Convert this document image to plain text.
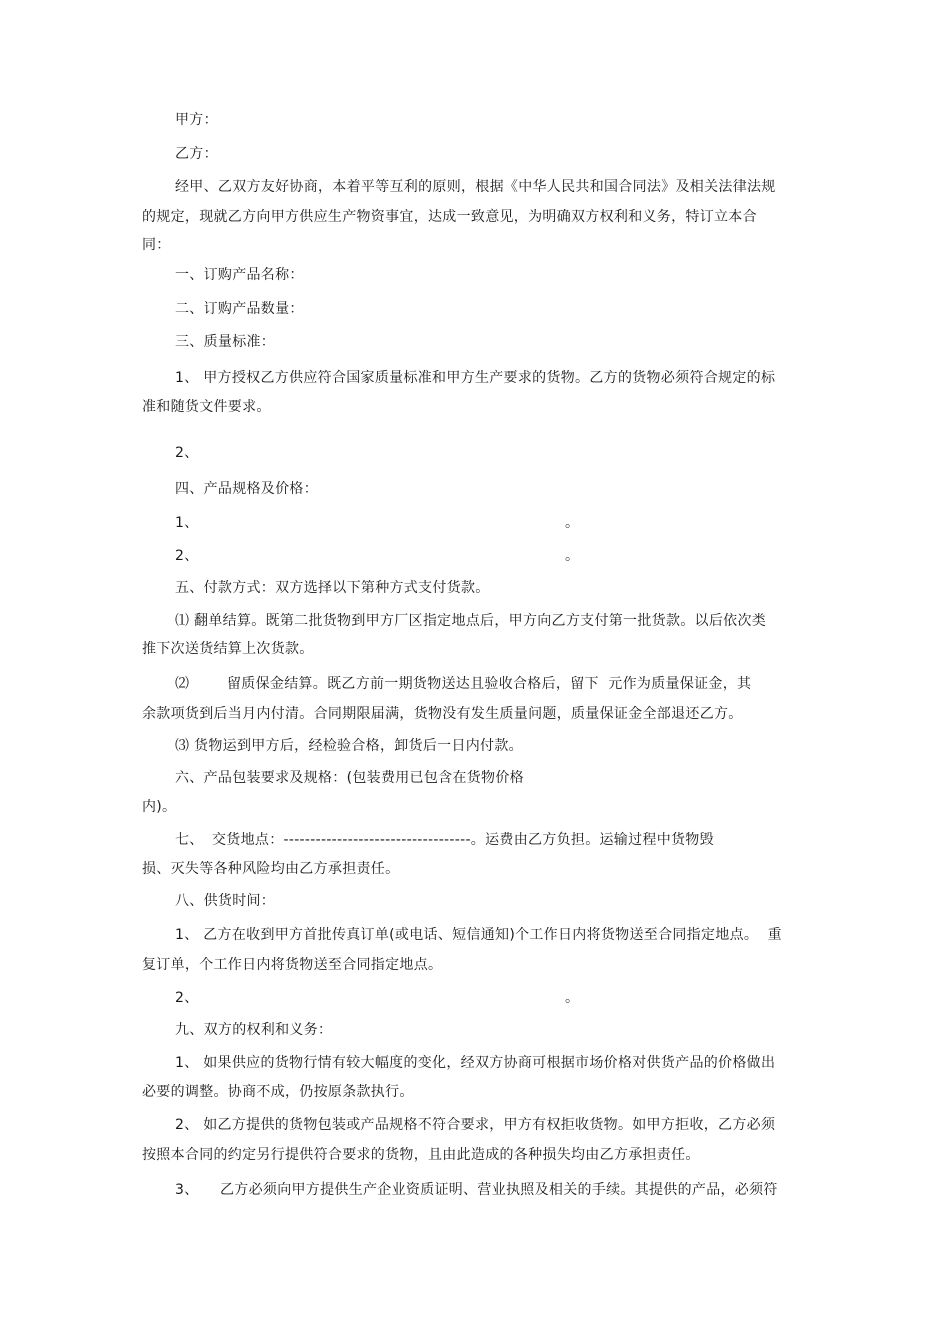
甲方：
乙方：
经甲、乙双方友好协商，本着平等互利的原则，根据《中华人民共和国合同法》及相关法律法规
的规定，现就乙方向甲方供应生产物资事宜，达成一致意见，为明确双方权利和义务，特订立本合
同：
一、订购产品名称：
二、订购产品数量：
三、质量标准：
1、 甲方授权乙方供应符合国家质量标准和甲方生产要求的货物。乙方的货物必须符合规定的标
准和随货文件要求。
2、
四、产品规格及价格：
1、	。
2、	。
五、付款方式：双方选择以下第种方式支付货款。
⑴ 翻单结算。既第二批货物到甲方厂区指定地点后，甲方向乙方支付第一批货款。以后依次类
推下次送货结算上次货款。
⑵	留质保金结算。既乙方前一期货物送达且验收合格后，留下  元作为质量保证金，其
余款项货到后当月内付清。合同期限届满，货物没有发生质量问题，质量保证金全部退还乙方。
⑶ 货物运到甲方后，经检验合格，卸货后一日内付款。
六、产品包装要求及规格：(包装费用已包含在货物价格
内)。
七、 交货地点：-----------------------------------。运费由乙方负担。运输过程中货物毁
损、灭失等各种风险均由乙方承担责任。
八、供货时间：
1、 乙方在收到甲方首批传真订单(或电话、短信通知)个工作日内将货物送至合同指定地点。  重
复订单，个工作日内将货物送至合同指定地点。
2、	。
九、双方的权利和义务：
1、 如果供应的货物行情有较大幅度的变化，经双方协商可根据市场价格对供货产品的价格做出
必要的调整。协商不成，仍按原条款执行。
2、 如乙方提供的货物包装或产品规格不符合要求，甲方有权拒收货物。如甲方拒收，乙方必须
按照本合同的约定另行提供符合要求的货物，且由此造成的各种损失均由乙方承担责任。
3、 乙方必须向甲方提供生产企业资质证明、营业执照及相关的手续。其提供的产品，必须符
